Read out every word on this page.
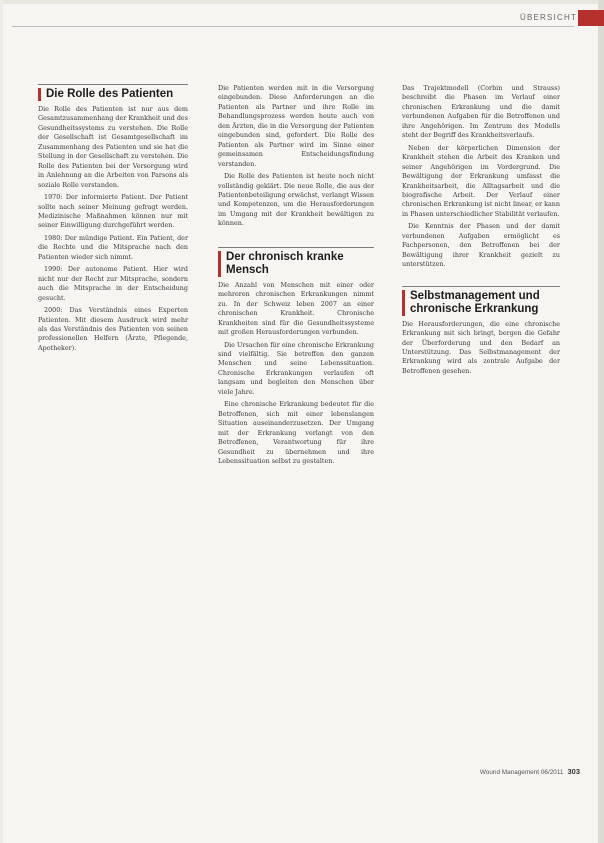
ÜBERSICHT
Die Rolle des Patienten

Die Rolle des Patienten ist nur aus dem Gesamtzusammenhang der Krankheit und des Gesundheitssystems zu verstehen. Die Rolle der Gesellschaft ist Gesamtgesellschaft im Zusammenhang des Patienten und sie hat die Stellung in der Gesellschaft zu verstehen. Die Rolle des Patienten bei der Versorgung wird in Anlehnung an die Arbeiten von Parsons als soziale Rolle verstanden.

1970: Der informierte Patient. Der Patient sollte nach seiner Meinung gefragt werden. Medizinische Maßnahmen können nur mit seiner Einwilligung durchgeführt werden.

1980: Der mündige Patient. Ein Patient, der die Rechte und die Mitsprache nach den Patienten wieder sich nimmt.

1990: Der autonome Patient. Hier wird nicht nur der Recht zur Mitsprache, sondern auch die Mitsprache in der Entscheidung gesucht.

2000: Das Verständnis eines Experten Patienten. Mit diesem Ausdruck wird mehr als das Verständnis des Patienten von seinen professionellen Helfern (Ärzte, Pflegende, Apotheker).

Die Patienten werden mit in die Versorgung eingebunden. Diese Anforderungen an die Patienten als Partner und ihre Rolle im Behandlungsprozess werden heute auch von den Ärzten, die in die Versorgung der Patienten eingebunden sind, gefordert. Die Rolle des Patienten als Partner wird im Sinne einer gemeinsamen Entscheidungsfindung verstanden.

Die Rolle des Patienten ist heute noch nicht vollständig geklärt. Die neue Rolle, die aus der Patientenbeteiligung erwächst, verlangt Wissen und Kompetenzen, um die Herausforderungen im Umgang mit der Krankheit bewältigen zu können.

Der chronisch kranke Mensch

Die Anzahl von Menschen mit einer oder mehreren chronischen Erkrankungen nimmt zu. In der Schweiz leben 2007 an einer chronischen Krankheit. Chronische Krankheiten sind für die Gesundheitssysteme mit großen Herausforderungen verbunden.

Die Ursachen für eine chronische Erkrankung sind vielfältig. Sie betreffen den ganzen Menschen und seine Lebenssituation. Chronische Erkrankungen verlaufen oft langsam und begleiten den Menschen über viele Jahre.

Eine chronische Erkrankung bedeutet für die Betroffenen, sich mit einer lebenslangen Situation auseinanderzusetzen. Der Umgang mit der Erkrankung verlangt von den Betroffenen, Verantwortung für ihre Gesundheit zu übernehmen und ihre Lebenssituation selbst zu gestalten.

Das Trajektmodell (Corbin und Strauss) beschreibt die Phasen im Verlauf einer chronischen Erkrankung und die damit verbundenen Aufgaben für die Betroffenen und ihre Angehörigen. Im Zentrum des Modells steht der Begriff des Krankheitsverlaufs.

Neben der körperlichen Dimension der Krankheit stehen die Arbeit des Kranken und seiner Angehörigen im Vordergrund. Die Bewältigung der Erkrankung umfasst die Krankheitsarbeit, die Alltagsarbeit und die biografische Arbeit. Der Verlauf einer chronischen Erkrankung ist nicht linear, er kann in Phasen unterschiedlicher Stabilität verlaufen.

Die Kenntnis der Phasen und der damit verbundenen Aufgaben ermöglicht es Fachpersonen, den Betroffenen bei der Bewältigung ihrer Krankheit gezielt zu unterstützen.

Selbstmanagement und chronische Erkrankung

Die Herausforderungen, die eine chronische Erkrankung mit sich bringt, bergen die Gefahr der Überforderung und den Bedarf an Unterstützung. Das Selbstmanagement der Erkrankung wird als zentrale Aufgabe der Betroffenen gesehen.

Wound Management 06/2011 303
